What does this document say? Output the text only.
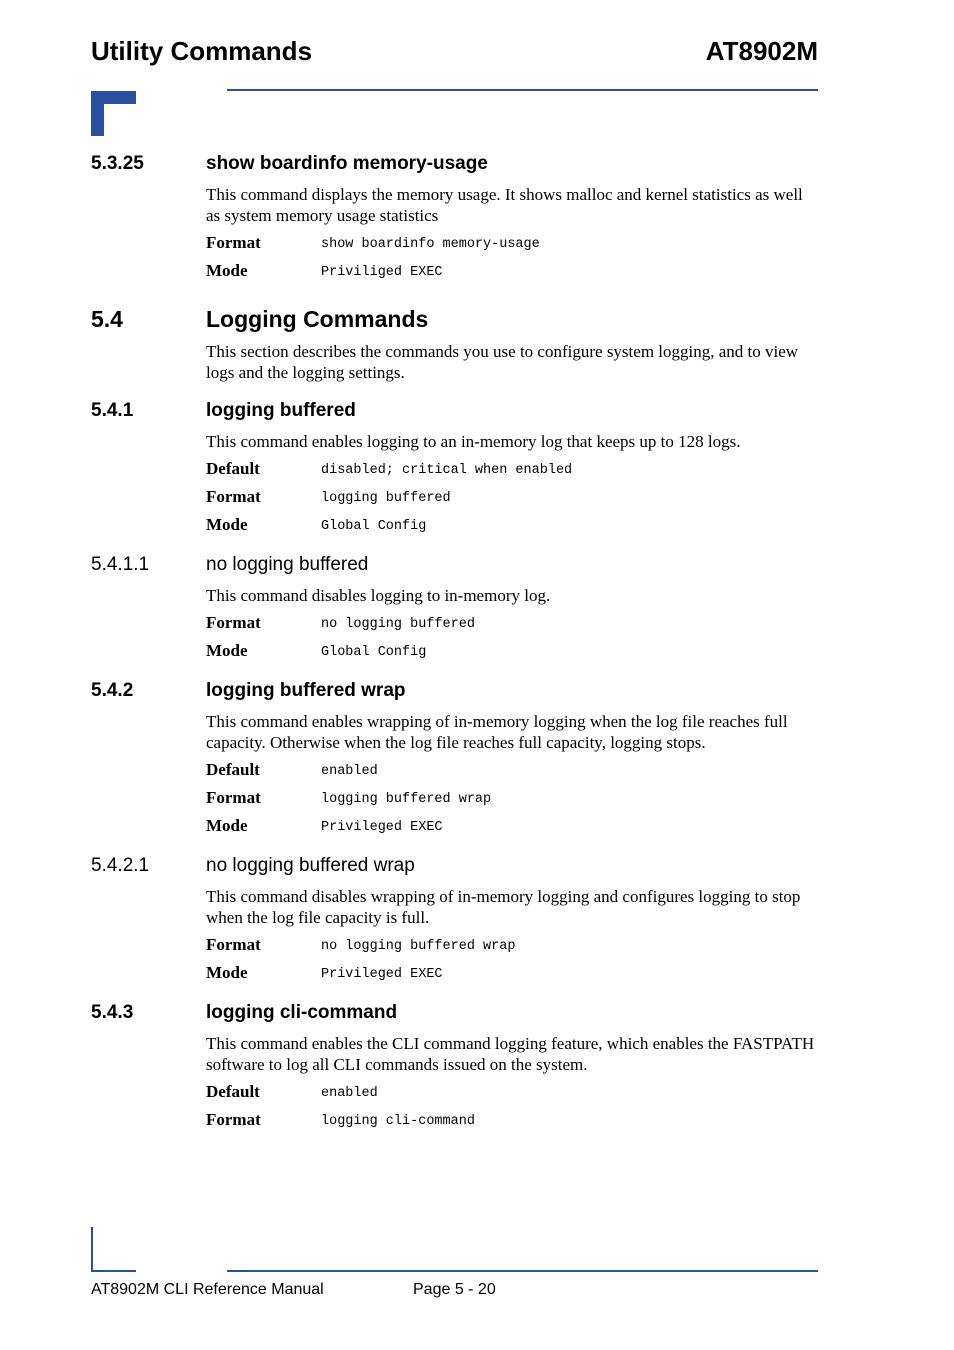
Utility Commands	AT8902M
5.3.25	show boardinfo memory-usage
This command displays the memory usage. It shows malloc and kernel statistics as well as system memory usage statistics
Format	show boardinfo memory-usage
Mode	Priviliged EXEC
5.4	Logging Commands
This section describes the commands you use to configure system logging, and to view logs and the logging settings.
5.4.1	logging buffered
This command enables logging to an in-memory log that keeps up to 128 logs.
Default	disabled; critical when enabled
Format	logging buffered
Mode	Global Config
5.4.1.1	no logging buffered
This command disables logging to in-memory log.
Format	no logging buffered
Mode	Global Config
5.4.2	logging buffered wrap
This command enables wrapping of in-memory logging when the log file reaches full capacity. Otherwise when the log file reaches full capacity, logging stops.
Default	enabled
Format	logging buffered wrap
Mode	Privileged EXEC
5.4.2.1	no logging buffered wrap
This command disables wrapping of in-memory logging and configures logging to stop when the log file capacity is full.
Format	no logging buffered wrap
Mode	Privileged EXEC
5.4.3	logging cli-command
This command enables the CLI command logging feature, which enables the FASTPATH software to log all CLI commands issued on the system.
Default	enabled
Format	logging cli-command
AT8902M CLI Reference Manual	Page 5 - 20
